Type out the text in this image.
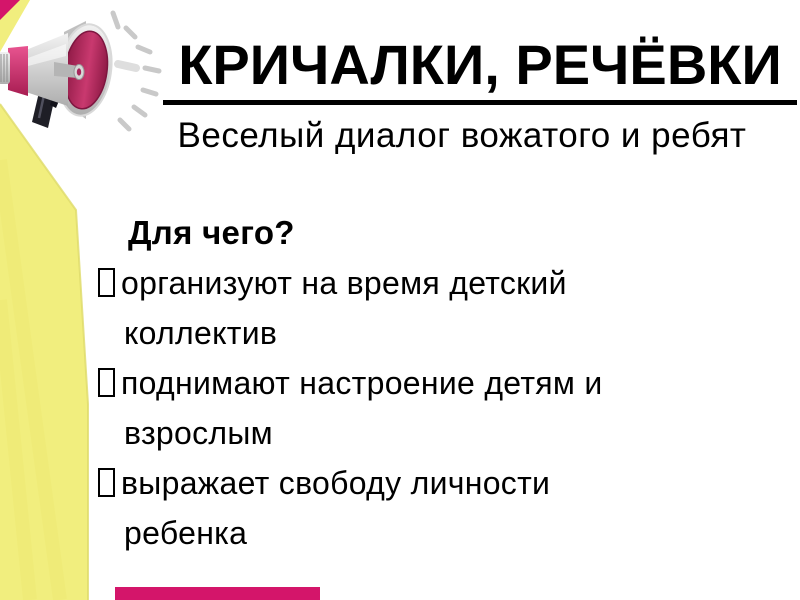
КРИЧАЛКИ, РЕЧЁВКИ
Веселый диалог вожатого и ребят
Для чего?
организуют на время детский
коллектив
поднимают настроение детям и
взрослым
выражает свободу личности
ребенка
